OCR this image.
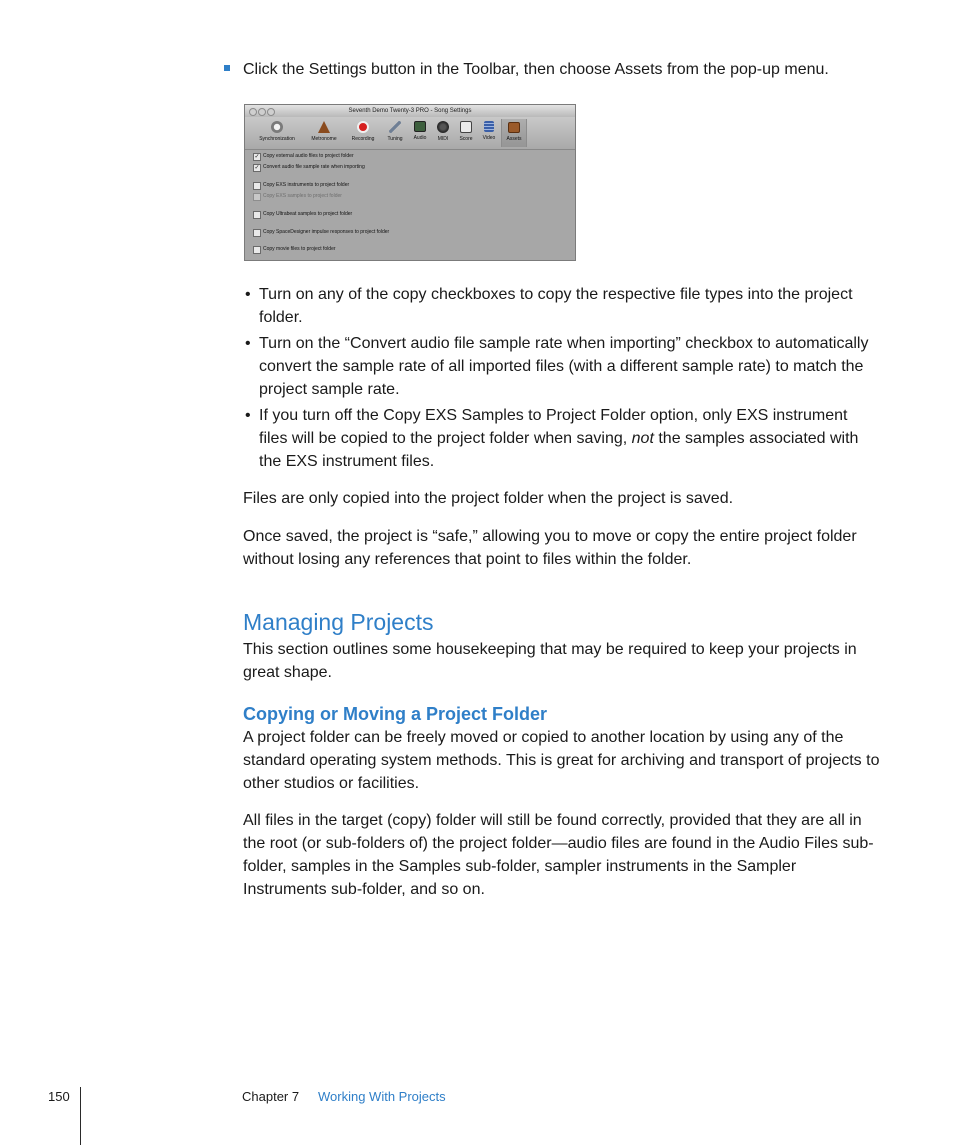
Click the Settings button in the Toolbar, then choose Assets from the pop-up menu.
Seventh Demo Twenty-3 PRO - Song Settings
Synchronization	Metronome	Recording	Tuning	Audio	MIDI	Score	Video	Assets
✓ Copy external audio files to project folder
✓ Convert audio file sample rate when importing
Copy EXS instruments to project folder
Copy EXS samples to project folder
Copy Ultrabeat samples to project folder
Copy SpaceDesigner impulse responses to project folder
Copy movie files to project folder
• Turn on any of the copy checkboxes to copy the respective file types into the project folder.
• Turn on the “Convert audio file sample rate when importing” checkbox to automatically convert the sample rate of all imported files (with a different sample rate) to match the project sample rate.
• If you turn off the Copy EXS Samples to Project Folder option, only EXS instrument files will be copied to the project folder when saving, not the samples associated with the EXS instrument files.
Files are only copied into the project folder when the project is saved.
Once saved, the project is “safe,” allowing you to move or copy the entire project folder without losing any references that point to files within the folder.
Managing Projects
This section outlines some housekeeping that may be required to keep your projects in great shape.
Copying or Moving a Project Folder
A project folder can be freely moved or copied to another location by using any of the standard operating system methods. This is great for archiving and transport of projects to other studios or facilities.
All files in the target (copy) folder will still be found correctly, provided that they are all in the root (or sub-folders of) the project folder—audio files are found in the Audio Files sub-folder, samples in the Samples sub-folder, sampler instruments in the Sampler Instruments sub-folder, and so on.
150	Chapter 7 Working With Projects
